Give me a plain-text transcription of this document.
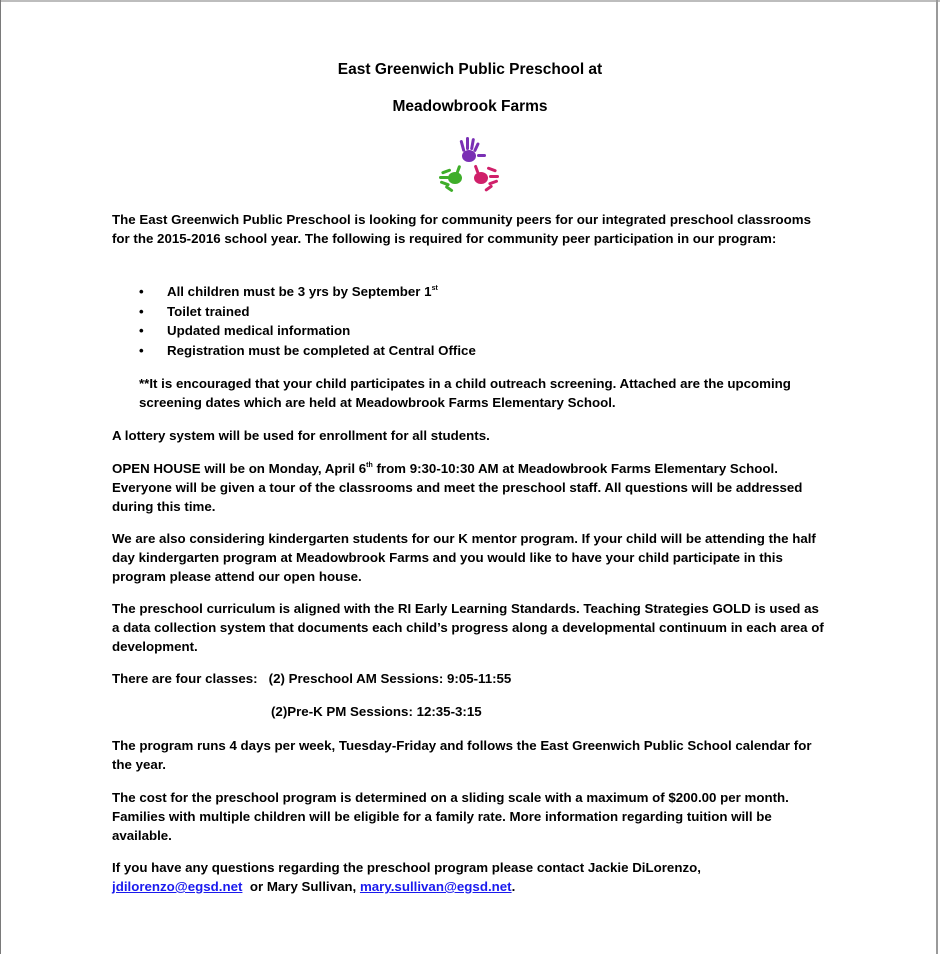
East Greenwich Public Preschool at
Meadowbrook Farms

The East Greenwich Public Preschool is looking for community peers for our integrated preschool classrooms for the 2015-2016 school year. The following is required for community peer participation in our program:

• All children must be 3 yrs by September 1st
• Toilet trained
• Updated medical information
• Registration must be completed at Central Office

**It is encouraged that your child participates in a child outreach screening. Attached are the upcoming screening dates which are held at Meadowbrook Farms Elementary School.

A lottery system will be used for enrollment for all students.

OPEN HOUSE will be on Monday, April 6th from 9:30-10:30 AM at Meadowbrook Farms Elementary School. Everyone will be given a tour of the classrooms and meet the preschool staff. All questions will be addressed during this time.

We are also considering kindergarten students for our K mentor program. If your child will be attending the half day kindergarten program at Meadowbrook Farms and you would like to have your child participate in this program please attend our open house.

The preschool curriculum is aligned with the RI Early Learning Standards. Teaching Strategies GOLD is used as a data collection system that documents each child’s progress along a developmental continuum in each area of development.

There are four classes:   (2) Preschool AM Sessions: 9:05-11:55

(2)Pre-K PM Sessions: 12:35-3:15

The program runs 4 days per week, Tuesday-Friday and follows the East Greenwich Public School calendar for the year.

The cost for the preschool program is determined on a sliding scale with a maximum of $200.00 per month. Families with multiple children will be eligible for a family rate. More information regarding tuition will be available.

If you have any questions regarding the preschool program please contact Jackie DiLorenzo, jdilorenzo@egsd.net  or Mary Sullivan, mary.sullivan@egsd.net.
